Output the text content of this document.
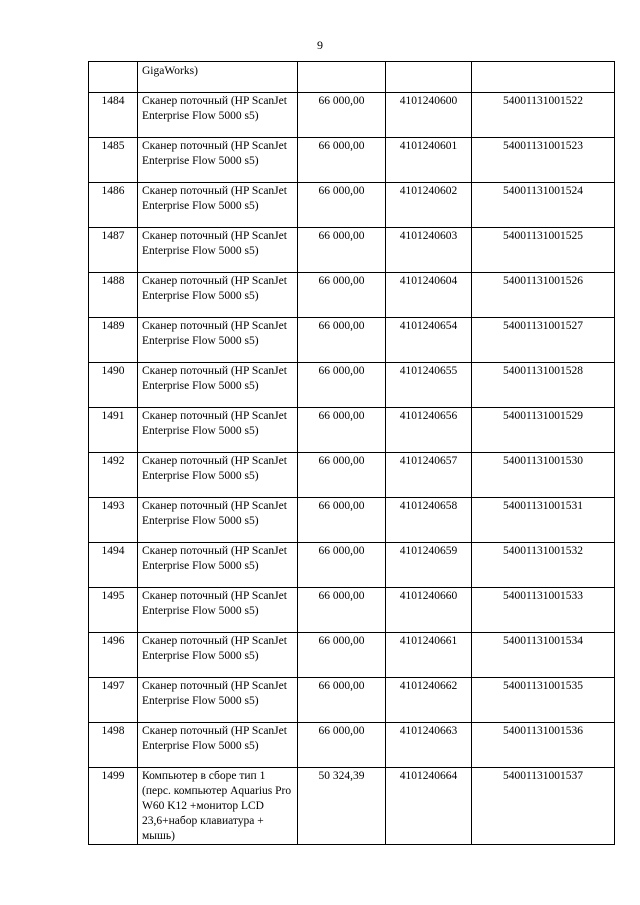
9
	GigaWorks)			
1484	Сканер поточный (HP ScanJet Enterprise Flow 5000 s5)	66 000,00	4101240600	54001131001522
1485	Сканер поточный (HP ScanJet Enterprise Flow 5000 s5)	66 000,00	4101240601	54001131001523
1486	Сканер поточный (HP ScanJet Enterprise Flow 5000 s5)	66 000,00	4101240602	54001131001524
1487	Сканер поточный (HP ScanJet Enterprise Flow 5000 s5)	66 000,00	4101240603	54001131001525
1488	Сканер поточный (HP ScanJet Enterprise Flow 5000 s5)	66 000,00	4101240604	54001131001526
1489	Сканер поточный (HP ScanJet Enterprise Flow 5000 s5)	66 000,00	4101240654	54001131001527
1490	Сканер поточный (HP ScanJet Enterprise Flow 5000 s5)	66 000,00	4101240655	54001131001528
1491	Сканер поточный (HP ScanJet Enterprise Flow 5000 s5)	66 000,00	4101240656	54001131001529
1492	Сканер поточный (HP ScanJet Enterprise Flow 5000 s5)	66 000,00	4101240657	54001131001530
1493	Сканер поточный (HP ScanJet Enterprise Flow 5000 s5)	66 000,00	4101240658	54001131001531
1494	Сканер поточный (HP ScanJet Enterprise Flow 5000 s5)	66 000,00	4101240659	54001131001532
1495	Сканер поточный (HP ScanJet Enterprise Flow 5000 s5)	66 000,00	4101240660	54001131001533
1496	Сканер поточный (HP ScanJet Enterprise Flow 5000 s5)	66 000,00	4101240661	54001131001534
1497	Сканер поточный (HP ScanJet Enterprise Flow 5000 s5)	66 000,00	4101240662	54001131001535
1498	Сканер поточный (HP ScanJet Enterprise Flow 5000 s5)	66 000,00	4101240663	54001131001536
1499	Компьютер в сборе тип 1 (перс. компьютер Aquarius Pro W60 K12 +монитор LCD 23,6+набор клавиатура + мышь)	50 324,39	4101240664	54001131001537
